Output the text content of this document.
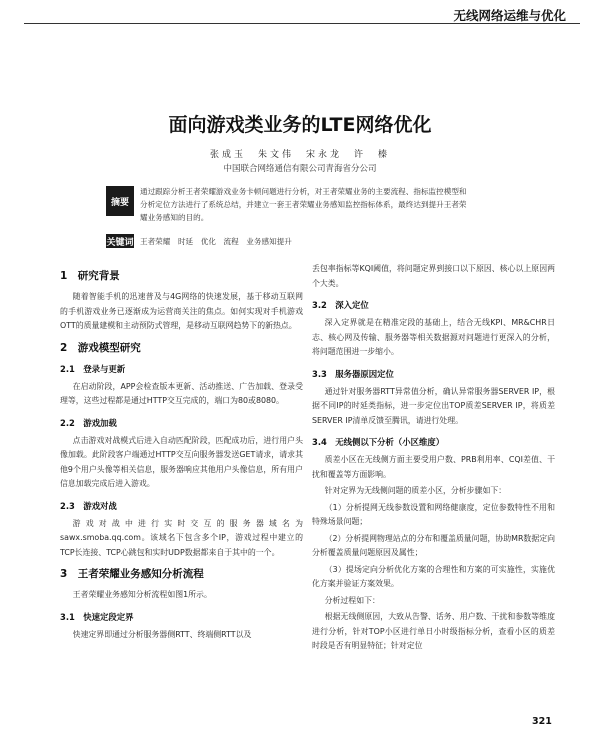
无线网络运维与优化
面向游戏类业务的LTE网络优化
张成玉　朱文伟　宋永龙　许　榛
中国联合网络通信有限公司青海省分公司
摘要
通过跟踪分析王者荣耀游戏业务卡顿问题进行分析，对王者荣耀业务的主要流程、指标监控模型和分析定位方法进行了系统总结，并建立一套王者荣耀业务感知监控指标体系，最终达到提升王者荣耀业务感知的目的。
关键词 王者荣耀　时延　优化　流程　业务感知提升
1　研究背景
随着智能手机的迅速普及与4G网络的快速发展，基于移动互联网的手机游戏业务已逐渐成为运营商关注的焦点。如何实现对手机游戏OTT的质量建模和主动预防式管理，是移动互联网趋势下的新热点。
2　游戏模型研究
2.1　登录与更新
在启动阶段，APP会检查版本更新、活动推送、广告加载、登录受理等，这些过程都是通过HTTP交互完成的，端口为80或8080。
2.2　游戏加载
点击游戏对战模式后进入自动匹配阶段，匹配成功后，进行用户头像加载。此阶段客户端通过HTTP交互向服务器发送GET请求，请求其他9个用户头像等相关信息，服务器响应其他用户头像信息，所有用户信息加载完成后进入游戏。
2.3　游戏对战
游戏对战中进行实时交互的服务器域名为sawx.smoba.qq.com。该域名下包含多个IP，游戏过程中建立的TCP长连接、TCP心跳包和实时UDP数据都来自于其中的一个。
3　王者荣耀业务感知分析流程
王者荣耀业务感知分析流程如图1所示。
3.1　快速定段定界
快速定界即通过分析服务器侧RTT、终端侧RTT以及
丢包率指标等KQI阈值，将问题定界到接口以下原因、核心以上原因两个大类。
3.2　深入定位
深入定界就是在精准定段的基础上，结合无线KPI、MR&CHR日志、核心网及传输、服务器等相关数据源对问题进行更深入的分析，将问题范围进一步缩小。
3.3　服务器原因定位
通过针对服务器RTT异常值分析，确认异常服务器SERVER IP，根据不同IP的时延类指标，进一步定位出TOP质差SERVER IP，将质差SERVER IP清单反馈至腾讯，请进行处理。
3.4　无线侧以下分析（小区维度）
质差小区在无线侧方面主要受用户数、PRB利用率、CQI差值、干扰和覆盖等方面影响。
针对定界为无线侧问题的质差小区，分析步骤如下：
（1）分析提网无线参数设置和网络健康度，定位参数特性不用和特殊场景问题；
（2）分析提网物理站点的分布和覆盖质量问题，协助MR数据定向分析覆盖质量问题原因及属性；
（3）提场定向分析优化方案的合理性和方案的可实施性，实施优化方案并验证方案效果。
分析过程如下：
根据无线侧原因，大致从告警、话务、用户数、干扰和参数等维度进行分析，针对TOP小区进行单日小时级指标分析，查看小区的质差时段是否有明显特征；针对定位
321
